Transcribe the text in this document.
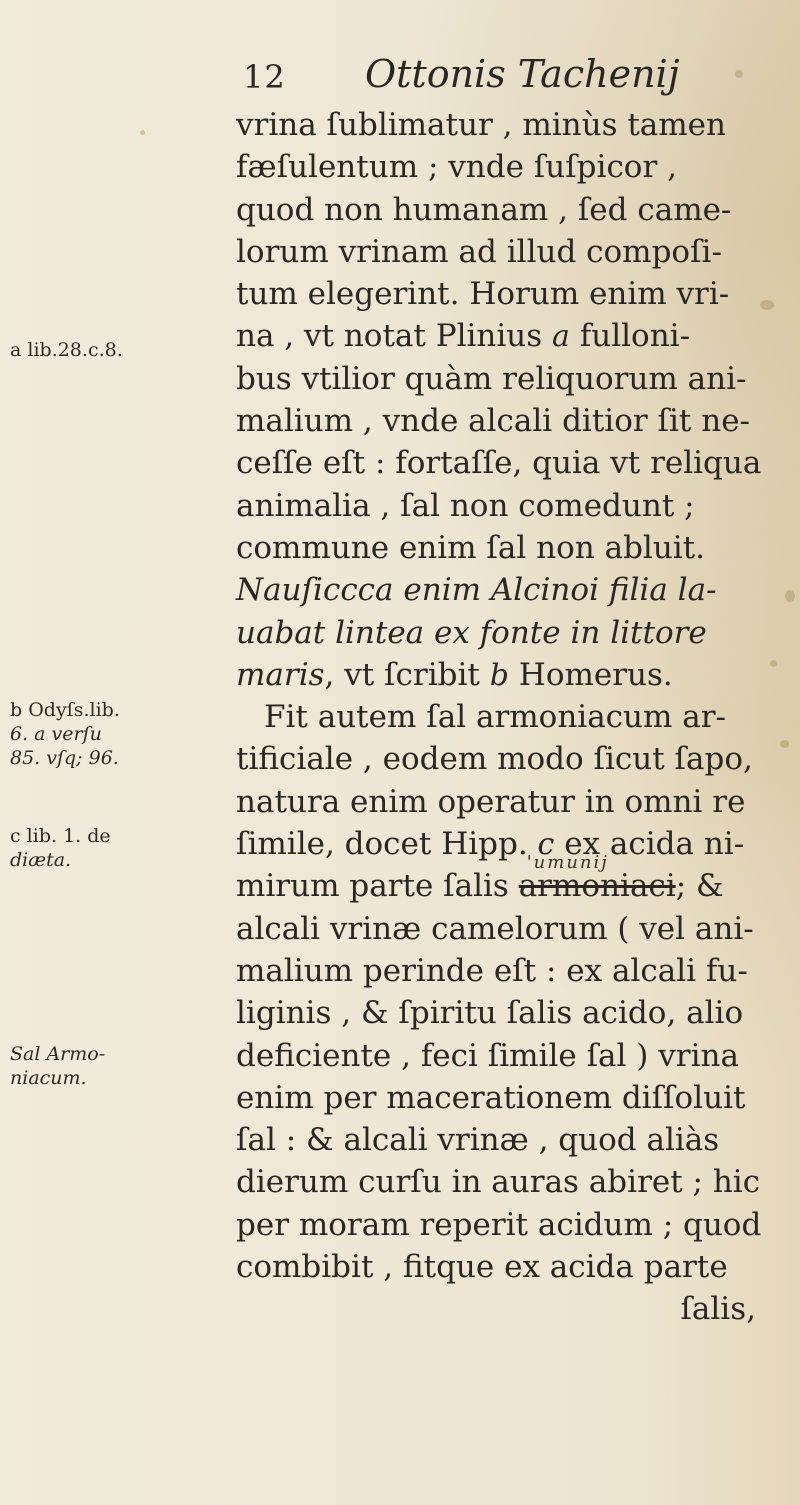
12 Ottonis Tachenij
vrina ſublimatur , minùs tamen
fæſulentum ; vnde ſuſpicor ,
quod non humanam , ſed came-
lorum vrinam ad illud compoſi-
tum elegerint. Horum enim vri-
na , vt notat Plinius a fulloni-
bus vtilior quàm reliquorum ani-
malium , vnde alcali ditior ſit ne-
ceſſe eſt : fortaſſe, quia vt reliqua
animalia , ſal non comedunt ;
commune enim ſal non abluit.
Nauſiccca enim Alcinoi filia la-
uabat lintea ex fonte in littore
maris, vt ſcribit b Homerus.
Fit autem ſal armoniacum ar-
tificiale , eodem modo ſicut ſapo,
natura enim operatur in omni re
ſimile, docet Hipp. c ex acida ni-
mirum parte ſalis
'umunij
armoniaci; &
alcali vrinæ camelorum ( vel ani-
malium perinde eſt : ex alcali fu-
liginis , & ſpiritu ſalis acido, alio
deficiente , feci ſimile ſal ) vrina
enim per macerationem diſſoluit
ſal : & alcali vrinæ , quod aliàs
dierum curſu in auras abiret ; hic
per moram reperit acidum ; quod
combibit , fitque ex acida parte
ſalis,
a lib.28.c.8.
b Odyſs.lib.
6. a verſu
85. vſq; 96.
c lib. 1. de
diæta.
Sal Armo-
niacum.
